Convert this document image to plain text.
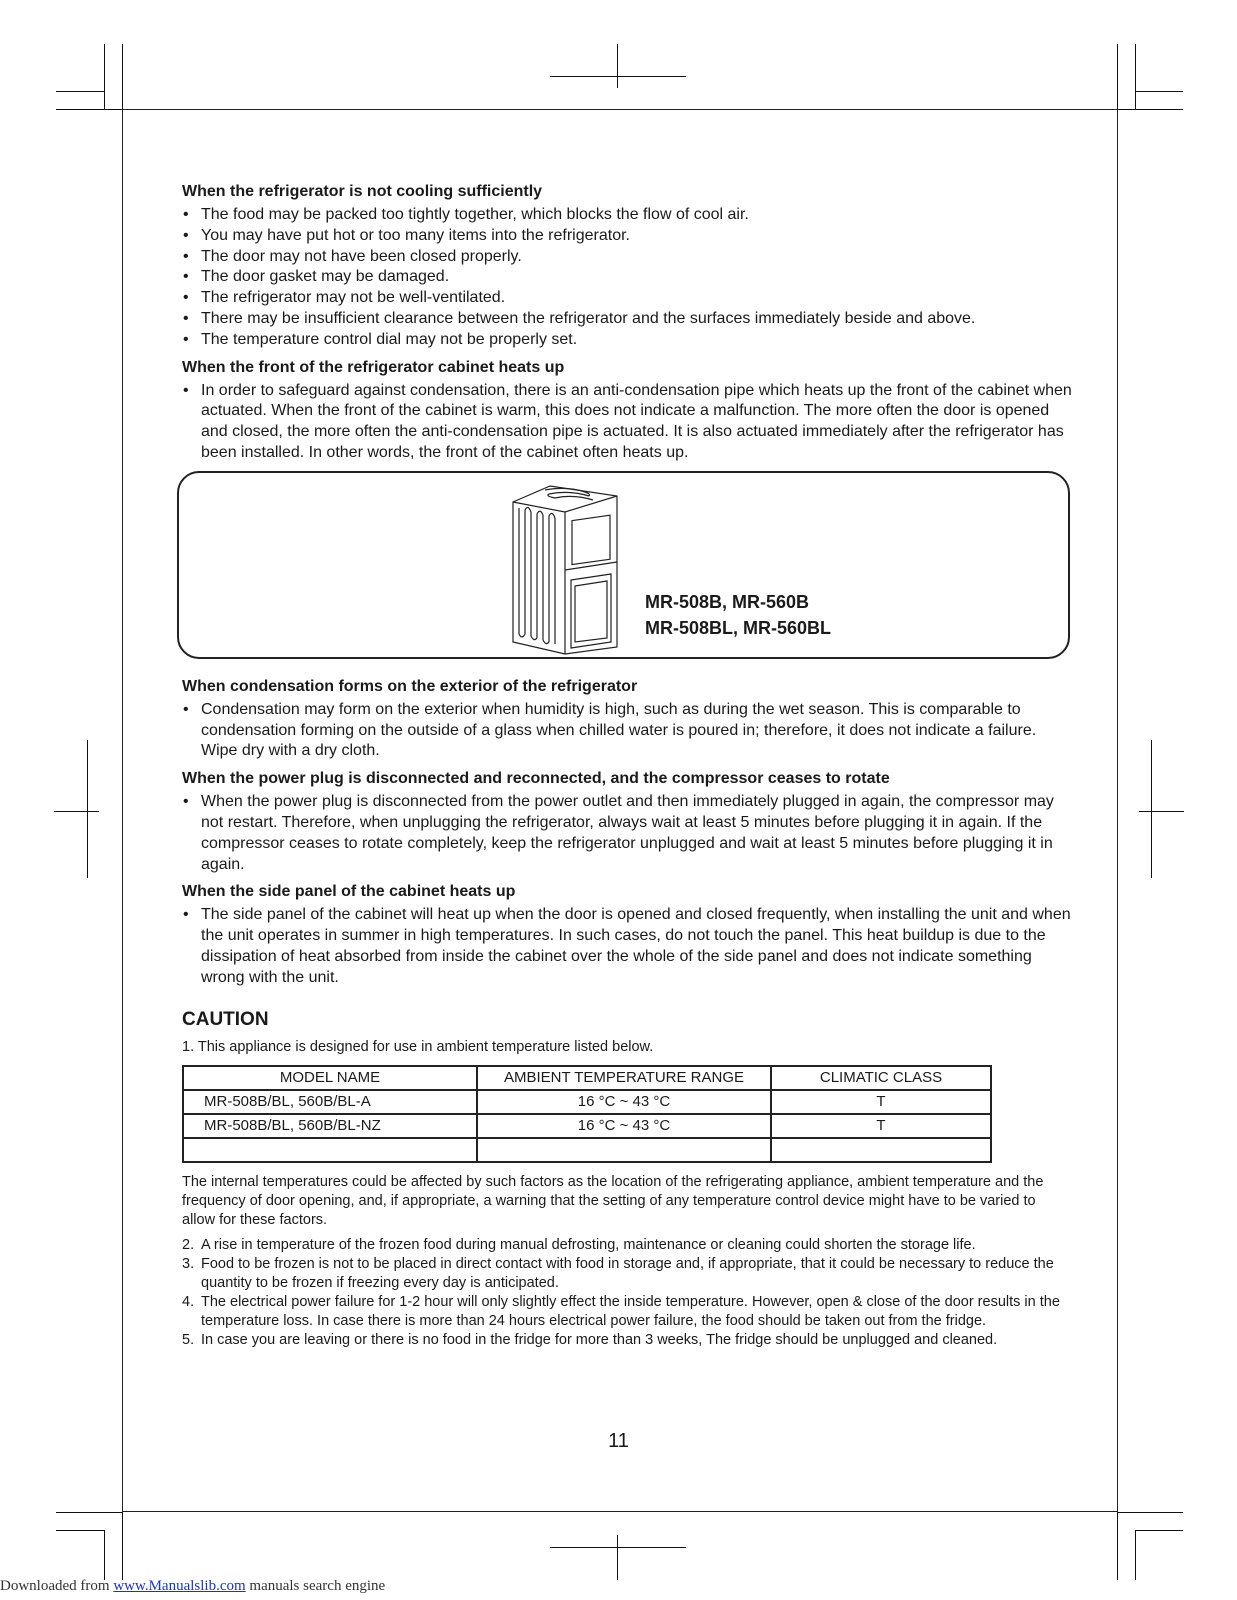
When the refrigerator is not cooling sufficiently
• The food may be packed too tightly together, which blocks the flow of cool air.
• You may have put hot or too many items into the refrigerator.
• The door may not have been closed properly.
• The door gasket may be damaged.
• The refrigerator may not be well-ventilated.
• There may be insufficient clearance between the refrigerator and the surfaces immediately beside and above.
• The temperature control dial may not be properly set.
When the front of the refrigerator cabinet heats up
• In order to safeguard against condensation, there is an anti-condensation pipe which heats up the front of the cabinet when actuated. When the front of the cabinet is warm, this does not indicate a malfunction. The more often the door is opened and closed, the more often the anti-condensation pipe is actuated. It is also actuated immediately after the refrigerator has been installed. In other words, the front of the cabinet often heats up.
MR-508B, MR-560B
MR-508BL, MR-560BL
When condensation forms on the exterior of the refrigerator
• Condensation may form on the exterior when humidity is high, such as during the wet season. This is comparable to condensation forming on the outside of a glass when chilled water is poured in; therefore, it does not indicate a failure. Wipe dry with a dry cloth.
When the power plug is disconnected and reconnected, and the compressor ceases to rotate
• When the power plug is disconnected from the power outlet and then immediately plugged in again, the compressor may not restart. Therefore, when unplugging the refrigerator, always wait at least 5 minutes before plugging it in again. If the compressor ceases to rotate completely, keep the refrigerator unplugged and wait at least 5 minutes before plugging it in again.
When the side panel of the cabinet heats up
• The side panel of the cabinet will heat up when the door is opened and closed frequently, when installing the unit and when the unit operates in summer in high temperatures. In such cases, do not touch the panel. This heat buildup is due to the dissipation of heat absorbed from inside the cabinet over the whole of the side panel and does not indicate something wrong with the unit.
CAUTION
1. This appliance is designed for use in ambient temperature listed below.
MODEL NAME	AMBIENT TEMPERATURE RANGE	CLIMATIC CLASS
MR-508B/BL, 560B/BL-A	16 °C ~ 43 °C	T
MR-508B/BL, 560B/BL-NZ	16 °C ~ 43 °C	T

The internal temperatures could be affected by such factors as the location of the refrigerating appliance, ambient temperature and the frequency of door opening, and, if appropriate, a warning that the setting of any temperature control device might have to be varied to allow for these factors.
2. A rise in temperature of the frozen food during manual defrosting, maintenance or cleaning could shorten the storage life.
3. Food to be frozen is not to be placed in direct contact with food in storage and, if appropriate, that it could be necessary to reduce the quantity to be frozen if freezing every day is anticipated.
4. The electrical power failure for 1-2 hour will only slightly effect the inside temperature. However, open & close of the door results in the temperature loss. In case there is more than 24 hours electrical power failure, the food should be taken out from the fridge.
5. In case you are leaving or there is no food in the fridge for more than 3 weeks, The fridge should be unplugged and cleaned.
11
Downloaded from www.Manualslib.com manuals search engine
